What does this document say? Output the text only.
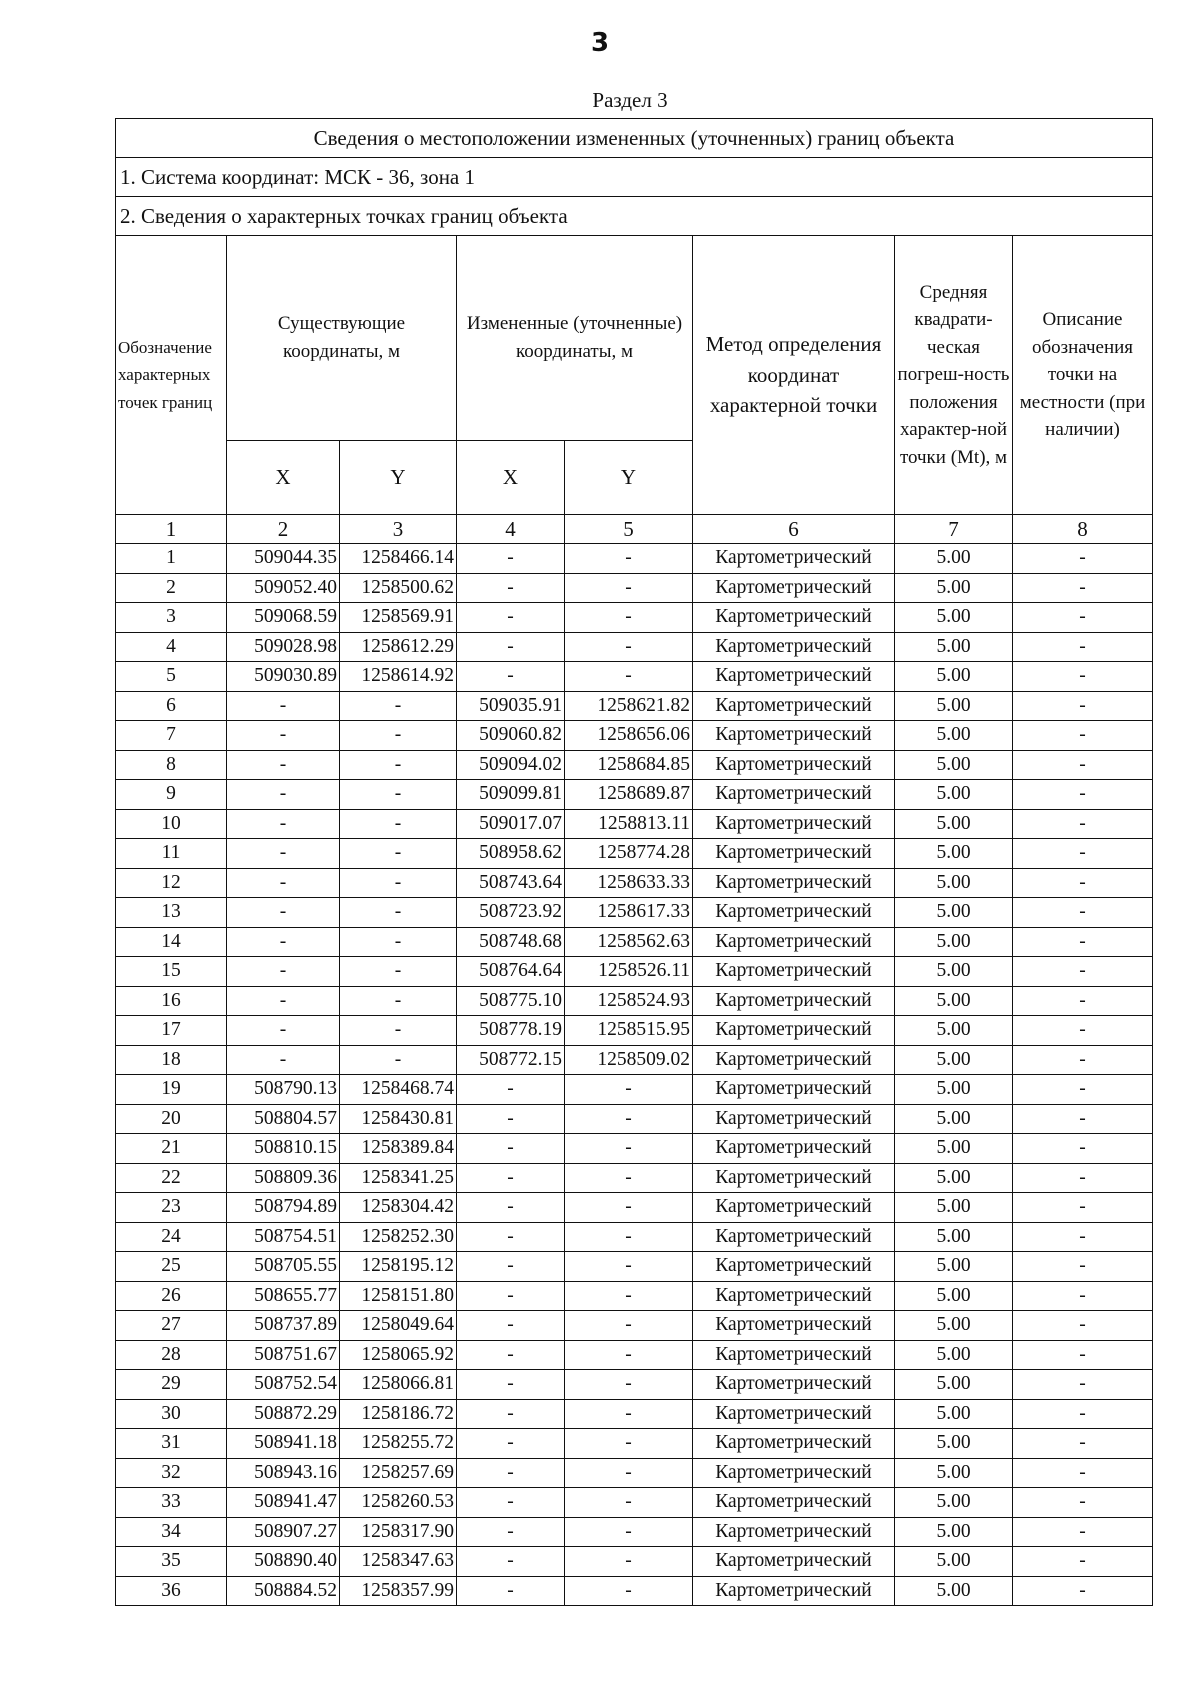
3
Раздел 3
Сведения о местоположении измененных (уточненных) границ объекта							
1. Система координат: МСК - 36, зона 1							
2. Сведения о характерных точках границ объекта							
Обозначение характерных точек границ	Существующие координаты, м		Измененные (уточненные) координаты, м		Метод определения координат характерной точки	Средняя квадрати-ческая погреш-ность положения характер-ной точки (Mt), м	Описание обозначения точки на местности (при наличии)
	X	Y	X	Y			
1	2	3	4	5	6	7	8
1	509044.35	1258466.14	-	-	Картометрический	5.00	-
2	509052.40	1258500.62	-	-	Картометрический	5.00	-
3	509068.59	1258569.91	-	-	Картометрический	5.00	-
4	509028.98	1258612.29	-	-	Картометрический	5.00	-
5	509030.89	1258614.92	-	-	Картометрический	5.00	-
6	-	-	509035.91	1258621.82	Картометрический	5.00	-
7	-	-	509060.82	1258656.06	Картометрический	5.00	-
8	-	-	509094.02	1258684.85	Картометрический	5.00	-
9	-	-	509099.81	1258689.87	Картометрический	5.00	-
10	-	-	509017.07	1258813.11	Картометрический	5.00	-
11	-	-	508958.62	1258774.28	Картометрический	5.00	-
12	-	-	508743.64	1258633.33	Картометрический	5.00	-
13	-	-	508723.92	1258617.33	Картометрический	5.00	-
14	-	-	508748.68	1258562.63	Картометрический	5.00	-
15	-	-	508764.64	1258526.11	Картометрический	5.00	-
16	-	-	508775.10	1258524.93	Картометрический	5.00	-
17	-	-	508778.19	1258515.95	Картометрический	5.00	-
18	-	-	508772.15	1258509.02	Картометрический	5.00	-
19	508790.13	1258468.74	-	-	Картометрический	5.00	-
20	508804.57	1258430.81	-	-	Картометрический	5.00	-
21	508810.15	1258389.84	-	-	Картометрический	5.00	-
22	508809.36	1258341.25	-	-	Картометрический	5.00	-
23	508794.89	1258304.42	-	-	Картометрический	5.00	-
24	508754.51	1258252.30	-	-	Картометрический	5.00	-
25	508705.55	1258195.12	-	-	Картометрический	5.00	-
26	508655.77	1258151.80	-	-	Картометрический	5.00	-
27	508737.89	1258049.64	-	-	Картометрический	5.00	-
28	508751.67	1258065.92	-	-	Картометрический	5.00	-
29	508752.54	1258066.81	-	-	Картометрический	5.00	-
30	508872.29	1258186.72	-	-	Картометрический	5.00	-
31	508941.18	1258255.72	-	-	Картометрический	5.00	-
32	508943.16	1258257.69	-	-	Картометрический	5.00	-
33	508941.47	1258260.53	-	-	Картометрический	5.00	-
34	508907.27	1258317.90	-	-	Картометрический	5.00	-
35	508890.40	1258347.63	-	-	Картометрический	5.00	-
36	508884.52	1258357.99	-	-	Картометрический	5.00	-
